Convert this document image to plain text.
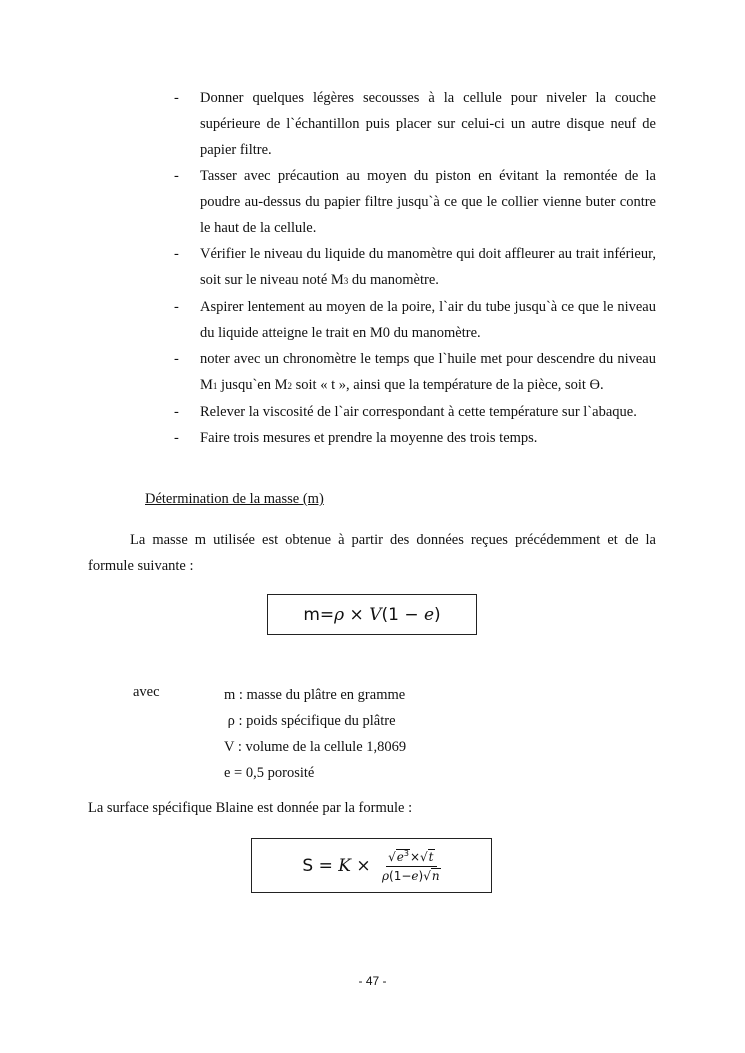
- Donner quelques légères secousses à la cellule pour niveler la couche supérieure de l`échantillon puis placer sur celui-ci un autre disque neuf de papier filtre.
- Tasser avec précaution au moyen du piston en évitant la remontée de la poudre au-dessus du papier filtre jusqu`à ce que le collier vienne buter contre le haut de la cellule.
- Vérifier le niveau du liquide du manomètre qui doit affleurer au trait inférieur, soit sur le niveau noté M3 du manomètre.
- Aspirer lentement au moyen de la poire, l`air du tube jusqu`à ce que le niveau du liquide atteigne le trait en M0 du manomètre.
- noter avec un chronomètre le temps que l`huile met pour descendre du niveau M1 jusqu`en M2 soit « t », ainsi que la température de la pièce, soit Ɵ.
- Relever la viscosité de l`air correspondant à cette température sur l`abaque.
- Faire trois mesures et prendre la moyenne des trois temps.
Détermination de la masse (m)

La masse m utilisée est obtenue à partir des données reçues précédemment et de la formule suivante :

m= ρ × V (1 − e )
avec	m : masse du plâtre en gramme
ρ : poids spécifique du plâtre
V : volume de la cellule 1,8069
e = 0,5 porosité
La surface spécifique Blaine est donnée par la formule :
$S = K \times \frac{√e^3\times√t}{\rho(1-e)√n}$
- 47 -
